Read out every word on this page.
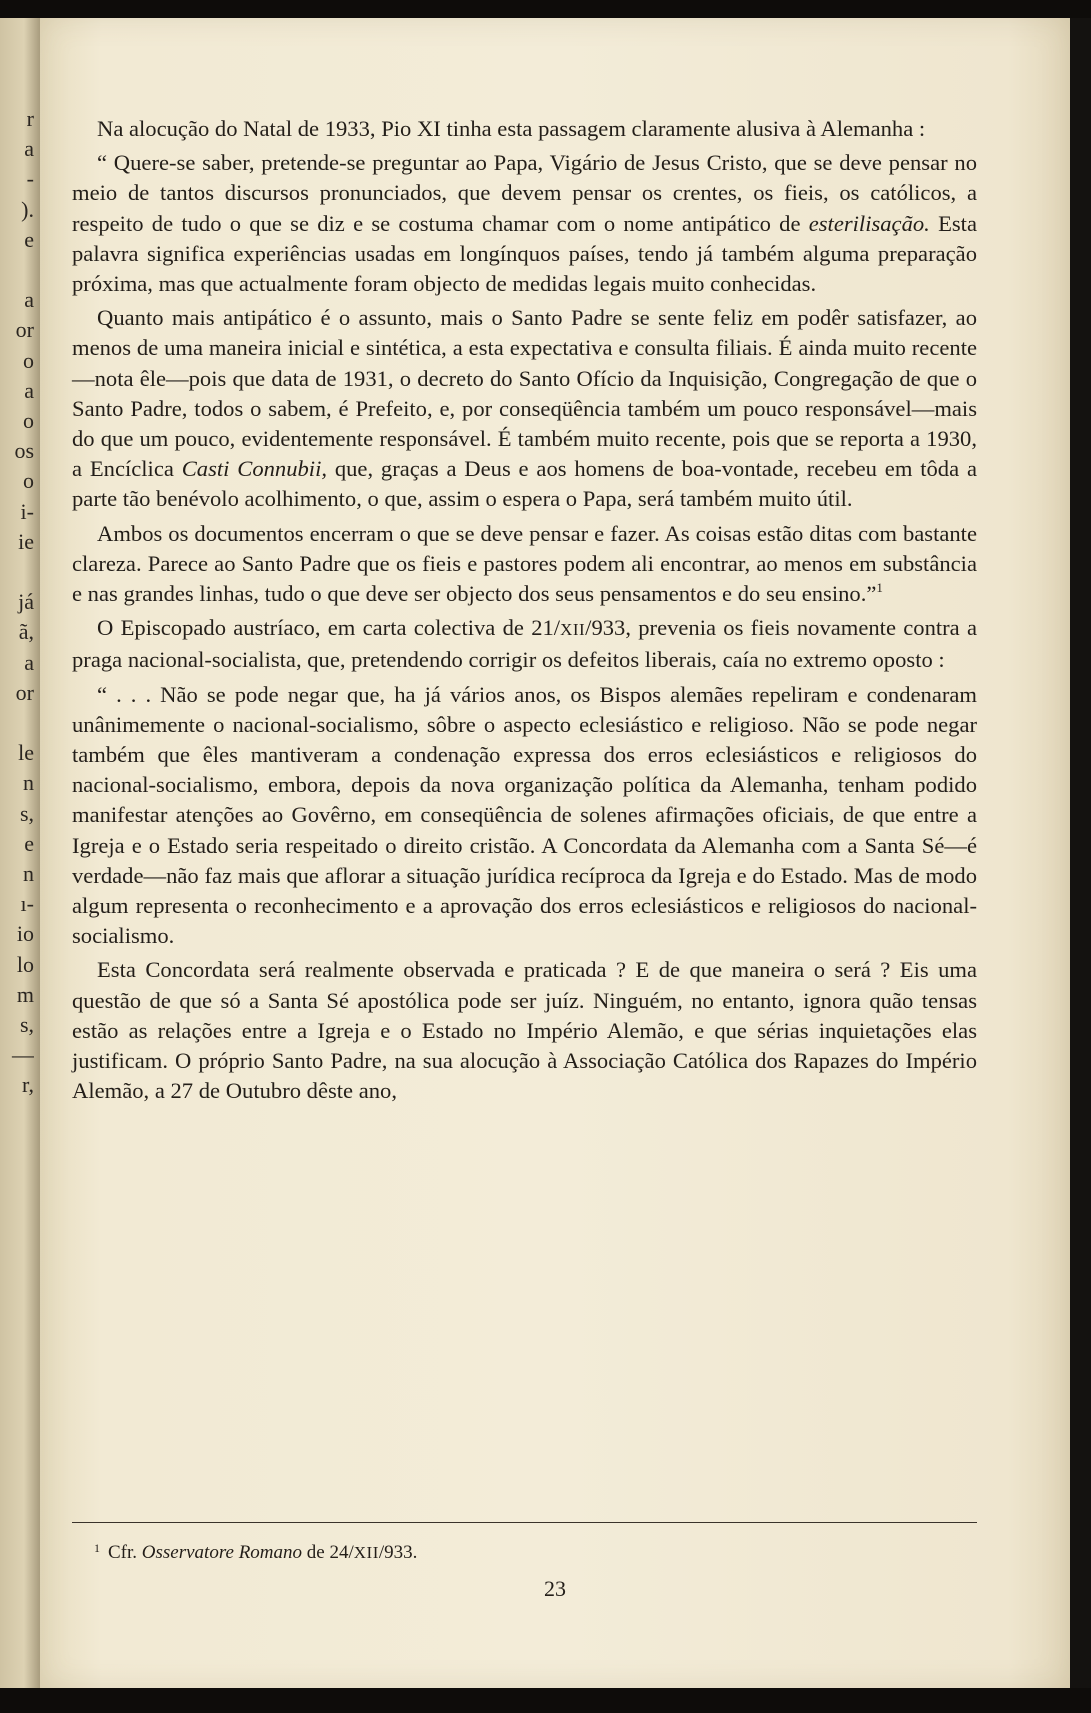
r
a
-
).
e
a
or
o
a
o
os
o
i-
ie
já
ã,
a
or
le
n
s,
e
n
ı-
io
lo
m
s,
—
r,

Na alocução do Natal de 1933, Pio XI tinha esta passagem claramente alusiva à Alemanha :

“ Quere-se saber, pretende-se preguntar ao Papa, Vigário de Jesus Cristo, que se deve pensar no meio de tantos discursos pronunciados, que devem pensar os crentes, os fieis, os católicos, a respeito de tudo o que se diz e se costuma chamar com o nome antipático de esterilisação. Esta palavra significa experiências usadas em longínquos países, tendo já também alguma preparação próxima, mas que actualmente foram objecto de medidas legais muito conhecidas.

Quanto mais antipático é o assunto, mais o Santo Padre se sente feliz em podêr satisfazer, ao menos de uma maneira inicial e sintética, a esta expectativa e consulta filiais. É ainda muito recente—nota êle—pois que data de 1931, o decreto do Santo Ofício da Inquisição, Congregação de que o Santo Padre, todos o sabem, é Prefeito, e, por conseqüência também um pouco responsável—mais do que um pouco, evidentemente responsável. É também muito recente, pois que se reporta a 1930, a Encíclica Casti Connubii, que, graças a Deus e aos homens de boa-vontade, recebeu em tôda a parte tão benévolo acolhimento, o que, assim o espera o Papa, será também muito útil.

Ambos os documentos encerram o que se deve pensar e fazer. As coisas estão ditas com bastante clareza. Parece ao Santo Padre que os fieis e pastores podem ali encontrar, ao menos em substância e nas grandes linhas, tudo o que deve ser objecto dos seus pensamentos e do seu ensino.”$^1$

O Episcopado austríaco, em carta colectiva de 21/XII/933, prevenia os fieis novamente contra a praga nacional-socialista, que, pretendendo corrigir os defeitos liberais, caía no extremo oposto :

“ . . . Não se pode negar que, ha já vários anos, os Bispos alemães repeliram e condenaram unânimemente o nacional-socialismo, sôbre o aspecto eclesiástico e religioso. Não se pode negar também que êles mantiveram a condenação expressa dos erros eclesiásticos e religiosos do nacional-socialismo, embora, depois da nova organização política da Alemanha, tenham podido manifestar atenções ao Govêrno, em conseqüência de solenes afirmações oficiais, de que entre a Igreja e o Estado seria respeitado o direito cristão. A Concordata da Alemanha com a Santa Sé—é verdade—não faz mais que aflorar a situação jurídica recíproca da Igreja e do Estado. Mas de modo algum representa o reconhecimento e a aprovação dos erros eclesiásticos e religiosos do nacional-socialismo.

Esta Concordata será realmente observada e praticada ? E de que maneira o será ? Eis uma questão de que só a Santa Sé apostólica pode ser juíz. Ninguém, no entanto, ignora quão tensas estão as relações entre a Igreja e o Estado no Império Alemão, e que sérias inquietações elas justificam. O próprio Santo Padre, na sua alocução à Associação Católica dos Rapazes do Império Alemão, a 27 de Outubro dêste ano,

$^1$ Cfr. Osservatore Romano de 24/XII/933.
23
